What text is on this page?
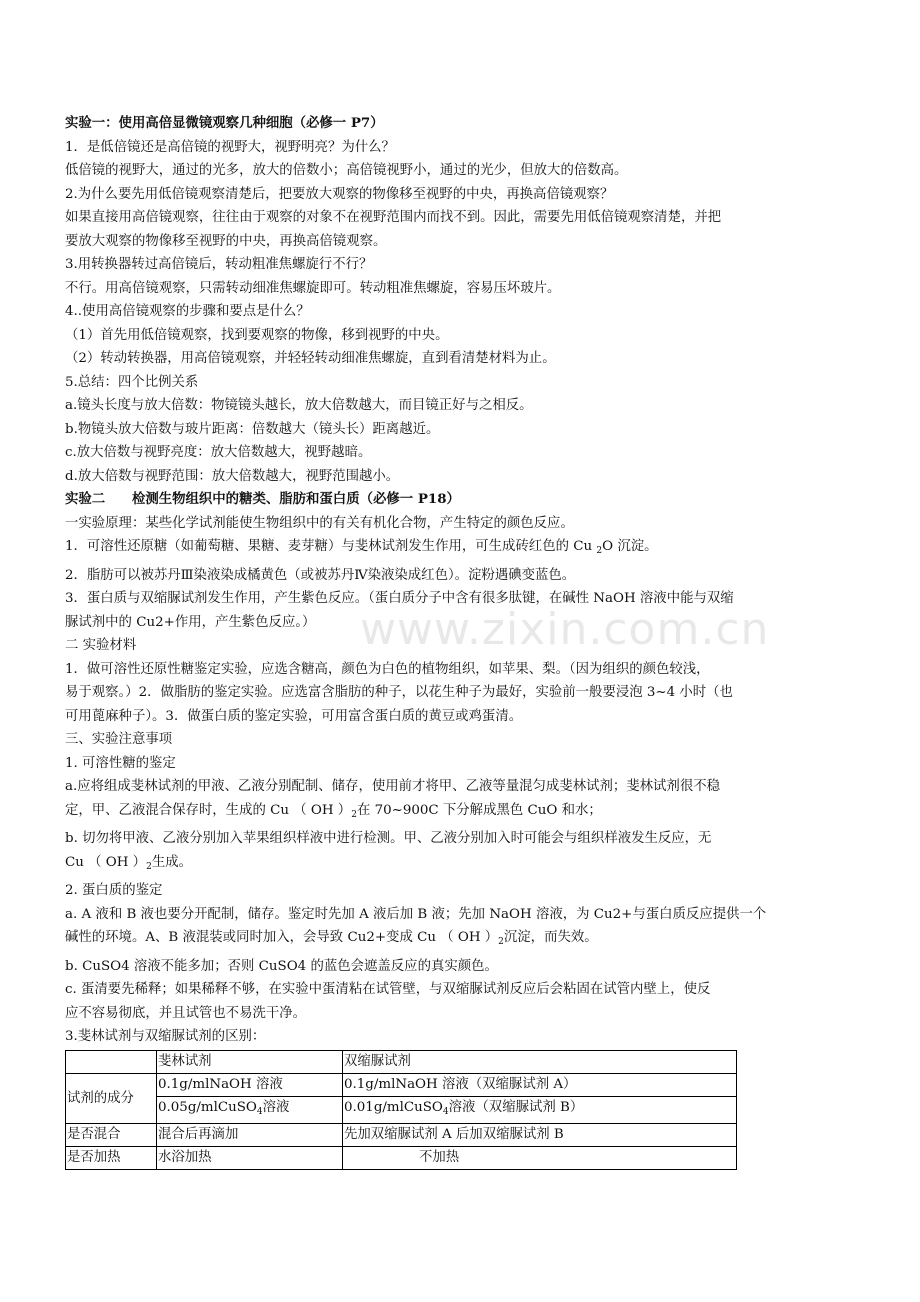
www.zixin.com.cn

实验一：使用高倍显微镜观察几种细胞（必修一 P7）

1．是低倍镜还是高倍镜的视野大，视野明亮？为什么？

低倍镜的视野大，通过的光多，放大的倍数小；高倍镜视野小，通过的光少，但放大的倍数高。

2.为什么要先用低倍镜观察清楚后，把要放大观察的物像移至视野的中央，再换高倍镜观察？

如果直接用高倍镜观察，往往由于观察的对象不在视野范围内而找不到。因此，需要先用低倍镜观察清楚，并把

要放大观察的物像移至视野的中央，再换高倍镜观察。

3.用转换器转过高倍镜后，转动粗准焦螺旋行不行？

不行。用高倍镜观察，只需转动细准焦螺旋即可。转动粗准焦螺旋，容易压坏玻片。

4..使用高倍镜观察的步骤和要点是什么？

（1）首先用低倍镜观察，找到要观察的物像，移到视野的中央。

（2）转动转换器，用高倍镜观察，并轻轻转动细准焦螺旋，直到看清楚材料为止。

5.总结：四个比例关系

a.镜头长度与放大倍数：物镜镜头越长，放大倍数越大，而目镜正好与之相反。

b.物镜头放大倍数与玻片距离：倍数越大（镜头长）距离越近。

c.放大倍数与视野亮度：放大倍数越大，视野越暗。

d.放大倍数与视野范围：放大倍数越大，视野范围越小。

实验二　　检测生物组织中的糖类、脂肪和蛋白质（必修一 P18）

一实验原理：某些化学试剂能使生物组织中的有关有机化合物，产生特定的颜色反应。

1．可溶性还原糖（如葡萄糖、果糖、麦芽糖）与斐林试剂发生作用，可生成砖红色的 Cu $_2$O 沉淀。

2．脂肪可以被苏丹Ⅲ染液染成橘黄色（或被苏丹Ⅳ染液染成红色）。淀粉遇碘变蓝色。

3．蛋白质与双缩脲试剂发生作用，产生紫色反应。（蛋白质分子中含有很多肽键，在碱性 NaOH 溶液中能与双缩

脲试剂中的 Cu2+作用，产生紫色反应。）

二 实验材料

1．做可溶性还原性糖鉴定实验，应选含糖高，颜色为白色的植物组织，如苹果、梨。（因为组织的颜色较浅，

易于观察。）2．做脂肪的鉴定实验。应选富含脂肪的种子，以花生种子为最好，实验前一般要浸泡 3~4 小时（也

可用蓖麻种子）。3．做蛋白质的鉴定实验，可用富含蛋白质的黄豆或鸡蛋清。

三、实验注意事项

1. 可溶性糖的鉴定

a.应将组成斐林试剂的甲液、乙液分别配制、储存，使用前才将甲、乙液等量混匀成斐林试剂；斐林试剂很不稳

定，甲、乙液混合保存时，生成的 Cu （ OH ）$_2$在 70~900C 下分解成黑色 CuO 和水；

b. 切勿将甲液、乙液分别加入苹果组织样液中进行检测。甲、乙液分别加入时可能会与组织样液发生反应，无

Cu （ OH ）$_2$生成。

2. 蛋白质的鉴定

a. A 液和 B 液也要分开配制，储存。鉴定时先加 A 液后加 B 液；先加 NaOH 溶液，为 Cu2+与蛋白质反应提供一个

碱性的环境。A、B 液混装或同时加入，会导致 Cu2+变成 Cu （ OH ）$_2$沉淀，而失效。

b. CuSO4 溶液不能多加；否则 CuSO4 的蓝色会遮盖反应的真实颜色。

c. 蛋清要先稀释；如果稀释不够，在实验中蛋清粘在试管壁，与双缩脲试剂反应后会粘固在试管内壁上，使反

应不容易彻底，并且试管也不易洗干净。

3.斐林试剂与双缩脲试剂的区别：

	斐林试剂	双缩脲试剂
试剂的成分	0.1g/mlNaOH 溶液	0.1g/mlNaOH 溶液（双缩脲试剂 A）
	0.05g/mlCuSO$_4$溶液	0.01g/mlCuSO$_4$溶液（双缩脲试剂 B）
是否混合	混合后再滴加	先加双缩脲试剂 A 后加双缩脲试剂 B
是否加热	水浴加热	不加热
